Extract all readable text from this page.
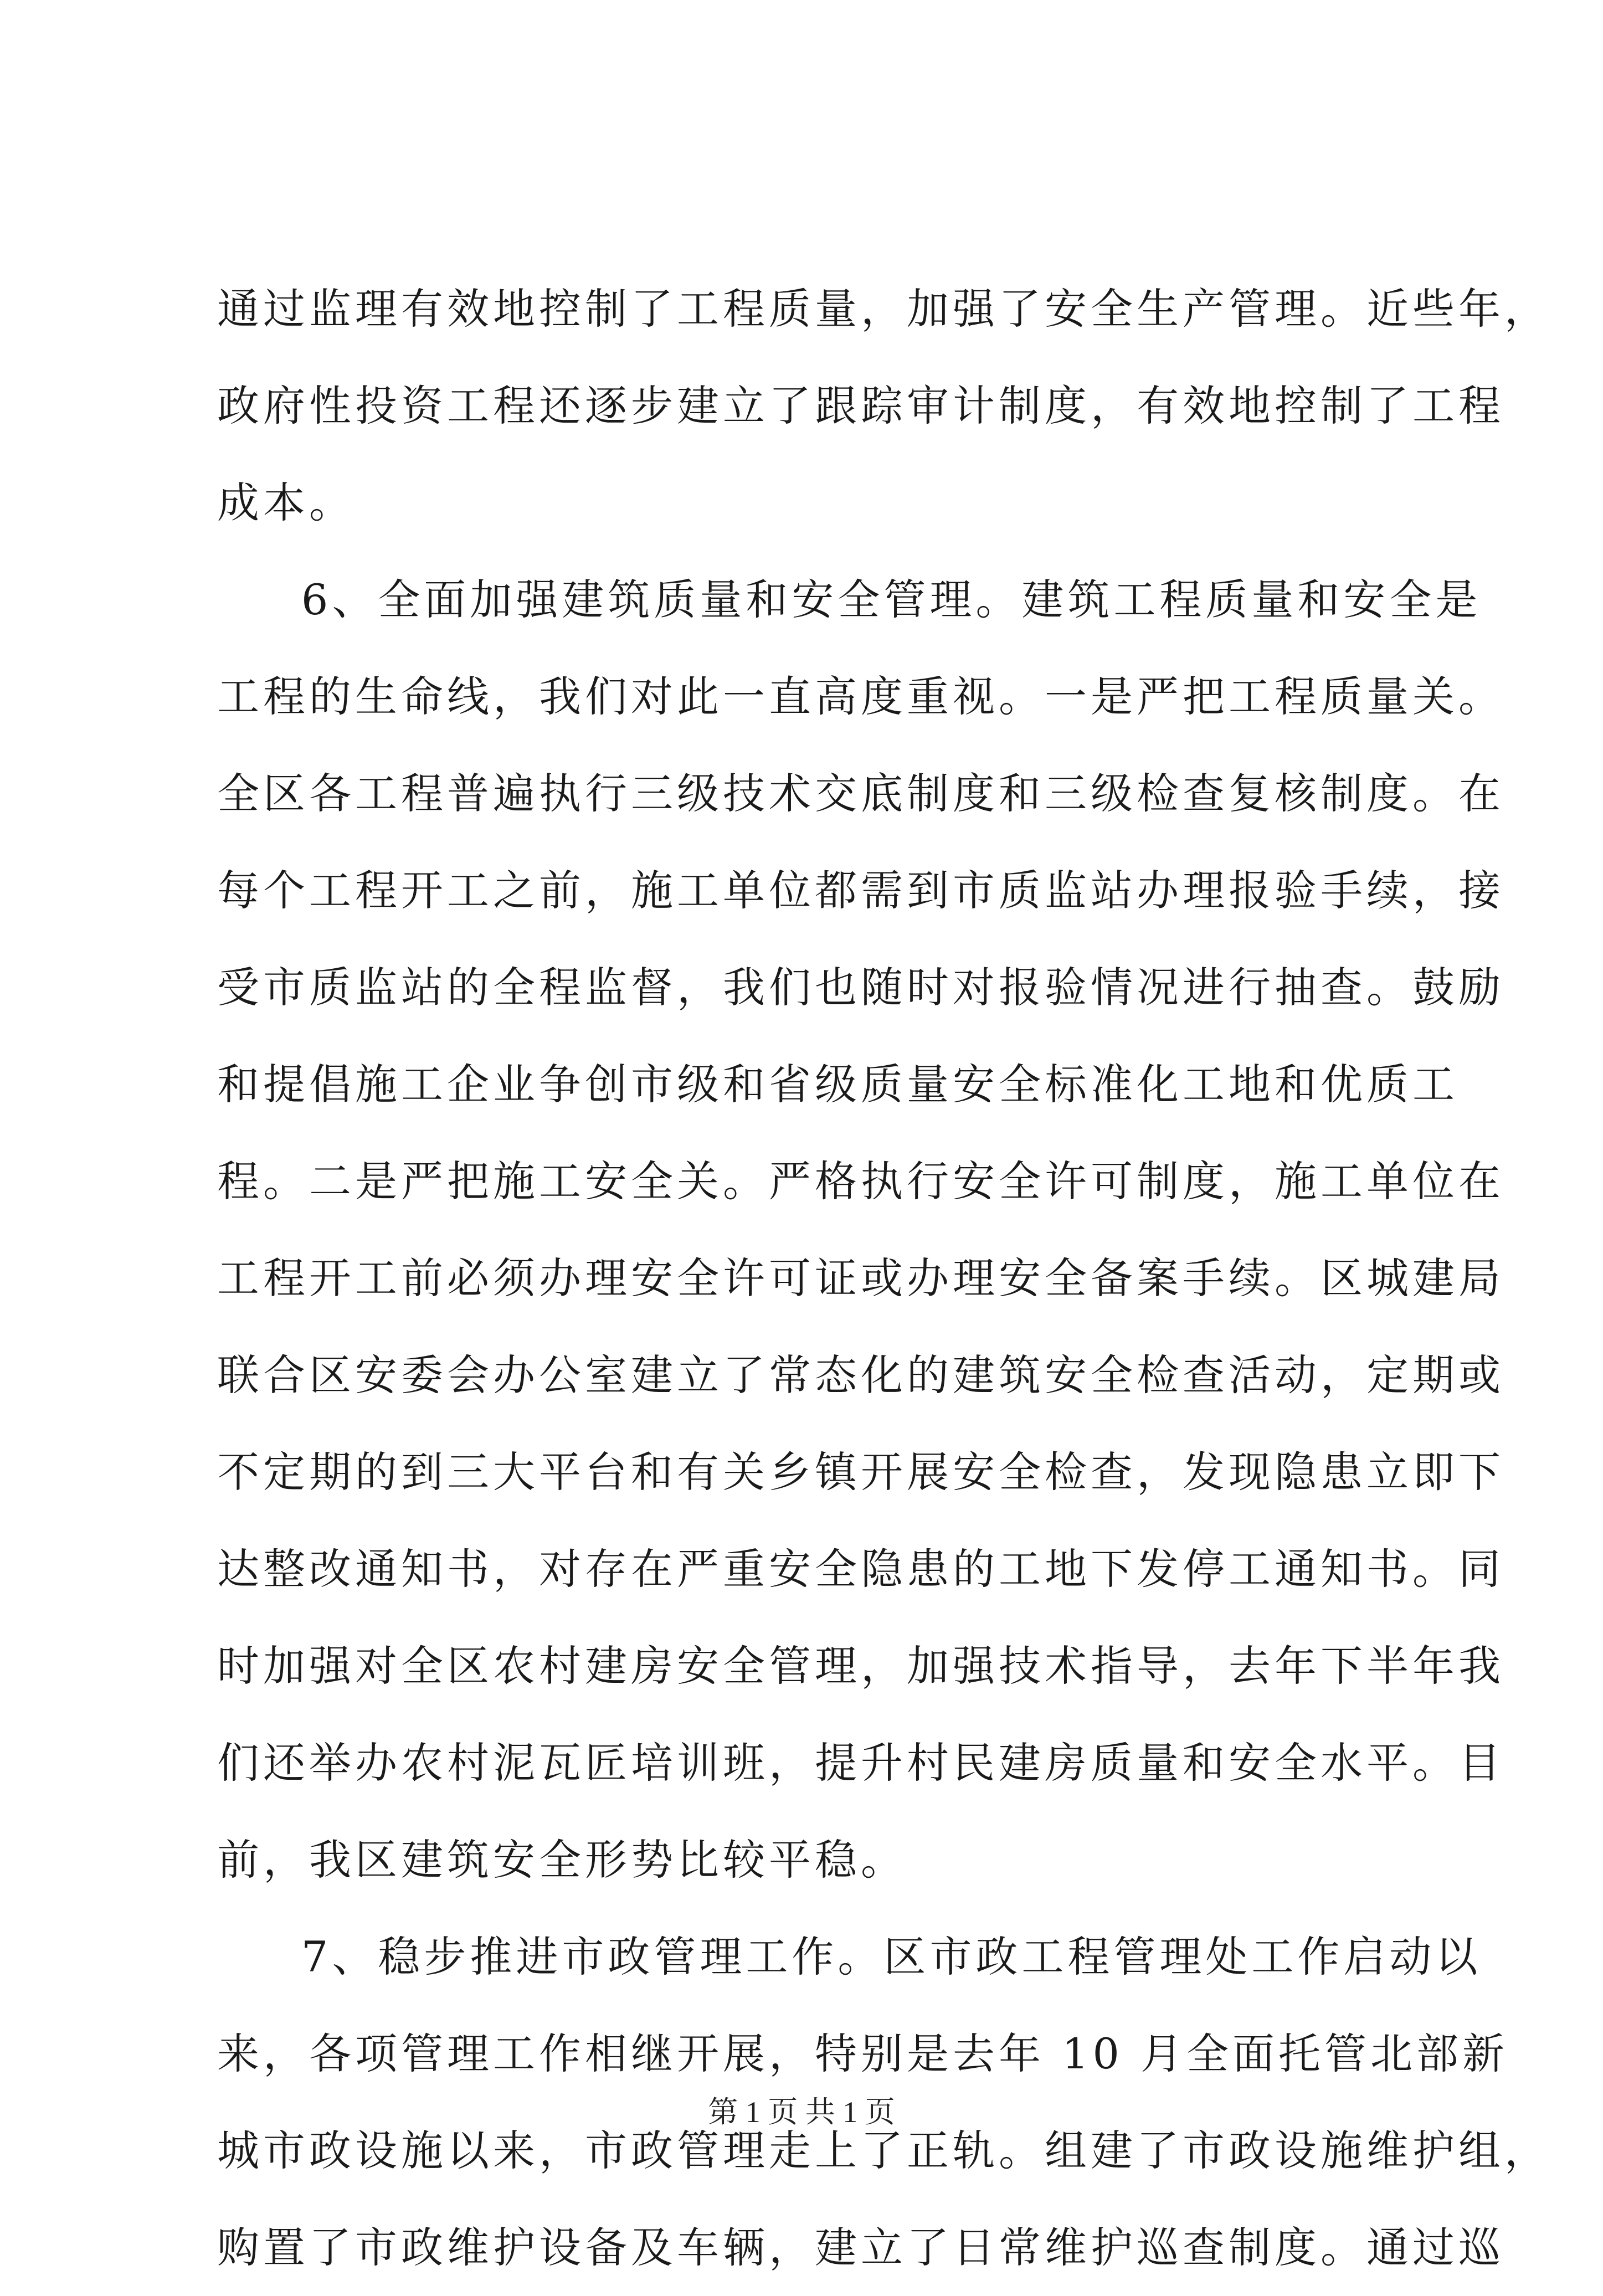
通过监理有效地控制了工程质量，加强了安全生产管理。近些年，
政府性投资工程还逐步建立了跟踪审计制度，有效地控制了工程
成本。
6、全面加强建筑质量和安全管理。建筑工程质量和安全是
工程的生命线，我们对此一直高度重视。一是严把工程质量关。
全区各工程普遍执行三级技术交底制度和三级检查复核制度。在
每个工程开工之前，施工单位都需到市质监站办理报验手续，接
受市质监站的全程监督，我们也随时对报验情况进行抽查。鼓励
和提倡施工企业争创市级和省级质量安全标准化工地和优质工
程。二是严把施工安全关。严格执行安全许可制度，施工单位在
工程开工前必须办理安全许可证或办理安全备案手续。区城建局
联合区安委会办公室建立了常态化的建筑安全检查活动，定期或
不定期的到三大平台和有关乡镇开展安全检查，发现隐患立即下
达整改通知书，对存在严重安全隐患的工地下发停工通知书。同
时加强对全区农村建房安全管理，加强技术指导，去年下半年我
们还举办农村泥瓦匠培训班，提升村民建房质量和安全水平。目
前，我区建筑安全形势比较平稳。
7、稳步推进市政管理工作。区市政工程管理处工作启动以
来，各项管理工作相继开展，特别是去年 10 月全面托管北部新
城市政设施以来，市政管理走上了正轨。组建了市政设施维护组，
购置了市政维护设备及车辆，建立了日常维护巡查制度。通过巡
第 1 页 共 1 页
